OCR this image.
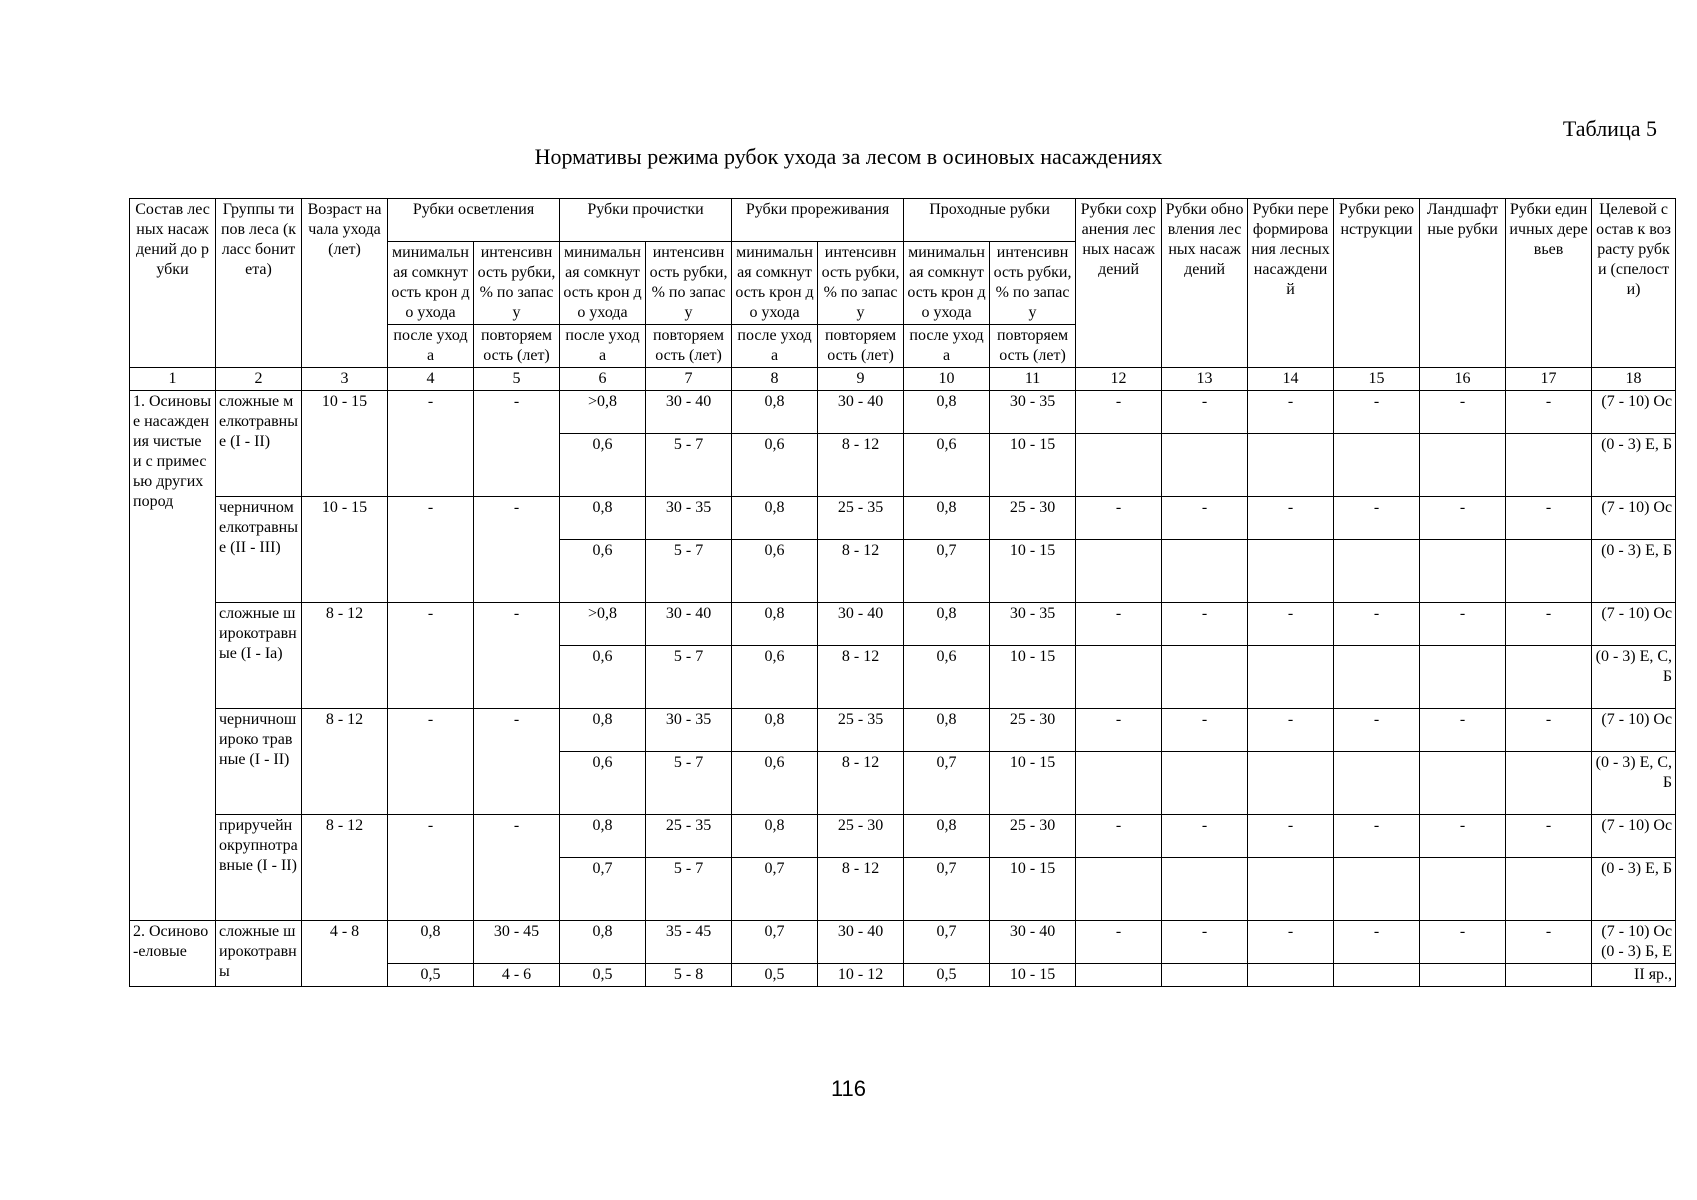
Таблица 5
Нормативы режима рубок ухода за лесом в осиновых насаждениях
Состав лесных насаждений до рубки	Группы типов леса (класс бонитета)	Возраст начала ухода (лет)	Рубки осветления		Рубки прочистки		Рубки прореживания		Проходные рубки		Рубки сохранения лесных насаждений	Рубки обновления лесных насаждений	Рубки переформирования лесных насаждений	Рубки реконструкции	Ландшафтные рубки	Рубки единичных деревьев	Целевой состав к возрасту рубки (спелости)
			минимальная сомкнутость крон до ухода	интенсивность рубки, % по запасу	минимальная сомкнутость крон до ухода	интенсивность рубки, % по запасу	минимальная сомкнутость крон до ухода	интенсивность рубки, % по запасу	минимальная сомкнутость крон до ухода	интенсивность рубки, % по запасу							
			после ухода	повторяемость (лет)	после ухода	повторяемость (лет)	после ухода	повторяемость (лет)	после ухода	повторяемость (лет)							
1	2	3	4	5	6	7	8	9	10	11	12	13	14	15	16	17	18
1. Осиновые насаждения чистые и с примесью других пород	сложные мелкотравные (I - II)	10 - 15	-	-	>0,8	30 - 40	0,8	30 - 40	0,8	30 - 35	-	-	-	-	-	-	(7 - 10) Ос
					0,6	5 - 7	0,6	8 - 12	0,6	10 - 15							(0 - 3) Е, Б
	черничномелкотравные (II - III)	10 - 15	-	-	0,8	30 - 35	0,8	25 - 35	0,8	25 - 30	-	-	-	-	-	-	(7 - 10) Ос
					0,6	5 - 7	0,6	8 - 12	0,7	10 - 15							(0 - 3) Е, Б
	сложные широкотравные (I - Ia)	8 - 12	-	-	>0,8	30 - 40	0,8	30 - 40	0,8	30 - 35	-	-	-	-	-	-	(7 - 10) Ос
					0,6	5 - 7	0,6	8 - 12	0,6	10 - 15							(0 - 3) Е, С, Б
	черничношироко травные (I - II)	8 - 12	-	-	0,8	30 - 35	0,8	25 - 35	0,8	25 - 30	-	-	-	-	-	-	(7 - 10) Ос
					0,6	5 - 7	0,6	8 - 12	0,7	10 - 15							(0 - 3) Е, С, Б
	приручейнокрупнотравные (I - II)	8 - 12	-	-	0,8	25 - 35	0,8	25 - 30	0,8	25 - 30	-	-	-	-	-	-	(7 - 10) Ос
					0,7	5 - 7	0,7	8 - 12	0,7	10 - 15							(0 - 3) Е, Б
2. Осиново-еловые	сложные широкотравны	4 - 8	0,8	30 - 45	0,8	35 - 45	0,7	30 - 40	0,7	30 - 40	-	-	-	-	-	-	(7 - 10) Ос (0 - 3) Б, Е
			0,5	4 - 6	0,5	5 - 8	0,5	10 - 12	0,5	10 - 15							II яр.,
116
